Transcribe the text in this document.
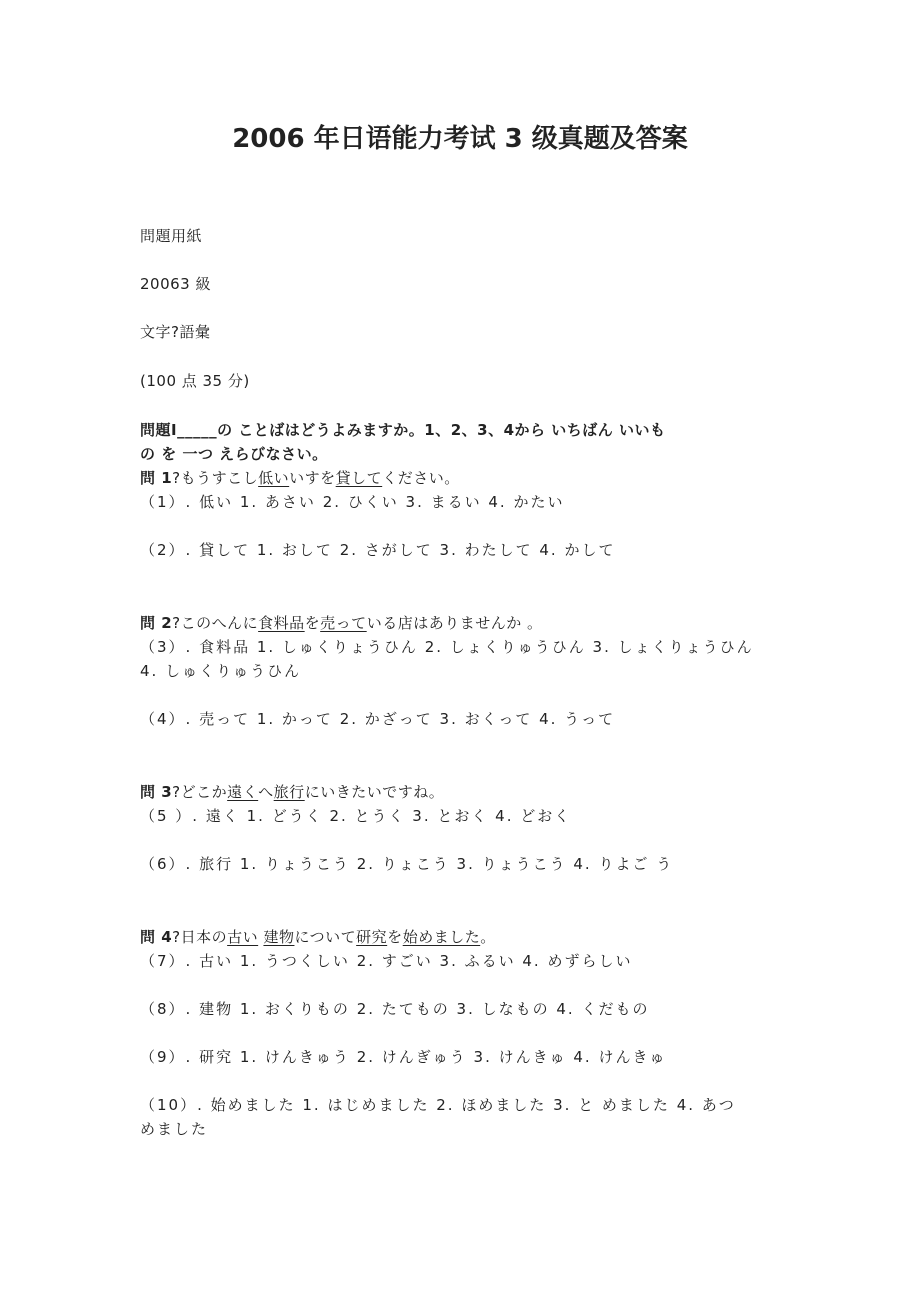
2006 年日语能力考试 3 级真题及答案
問題用紙
20063 級
文字?語彙
(100 点 35 分)
問題Ⅰ_____の ことばはどうよみますか。1、2、3、4から いちばん いいも
の を 一つ えらびなさい。
問 1?もうすこし低いいすを貸してください。
（1）. 低い 1. あさい 2. ひくい 3. まるい 4. かたい
（2）. 貸して 1. おして 2. さがして 3. わたして 4. かして
問 2?このへんに食料品を売っている店はありませんか 。
（3）. 食料品 1. しゅくりょうひん 2. しょくりゅうひん 3. しょくりょうひん
4. しゅくりゅうひん
（4）. 売って 1. かって 2. かざって 3. おくって 4. うって
問 3?どこか遠くへ旅行にいきたいですね。
（5 ）. 遠く 1. どうく 2. とうく 3. とおく 4. どおく
（6）. 旅行 1. りょうこう 2. りょこう 3. りょうこう 4. りよご う
問 4?日本の古い 建物について研究を始めました。
（7）. 古い 1. うつくしい 2. すごい 3. ふるい 4. めずらしい
（8）. 建物 1. おくりもの 2. たてもの 3. しなもの 4. くだもの
（9）. 研究 1. けんきゅう 2. けんぎゅう 3. けんきゅ 4. けんきゅ
（10）. 始めました 1. はじめました 2. ほめました 3. と めました 4. あつ
めました
